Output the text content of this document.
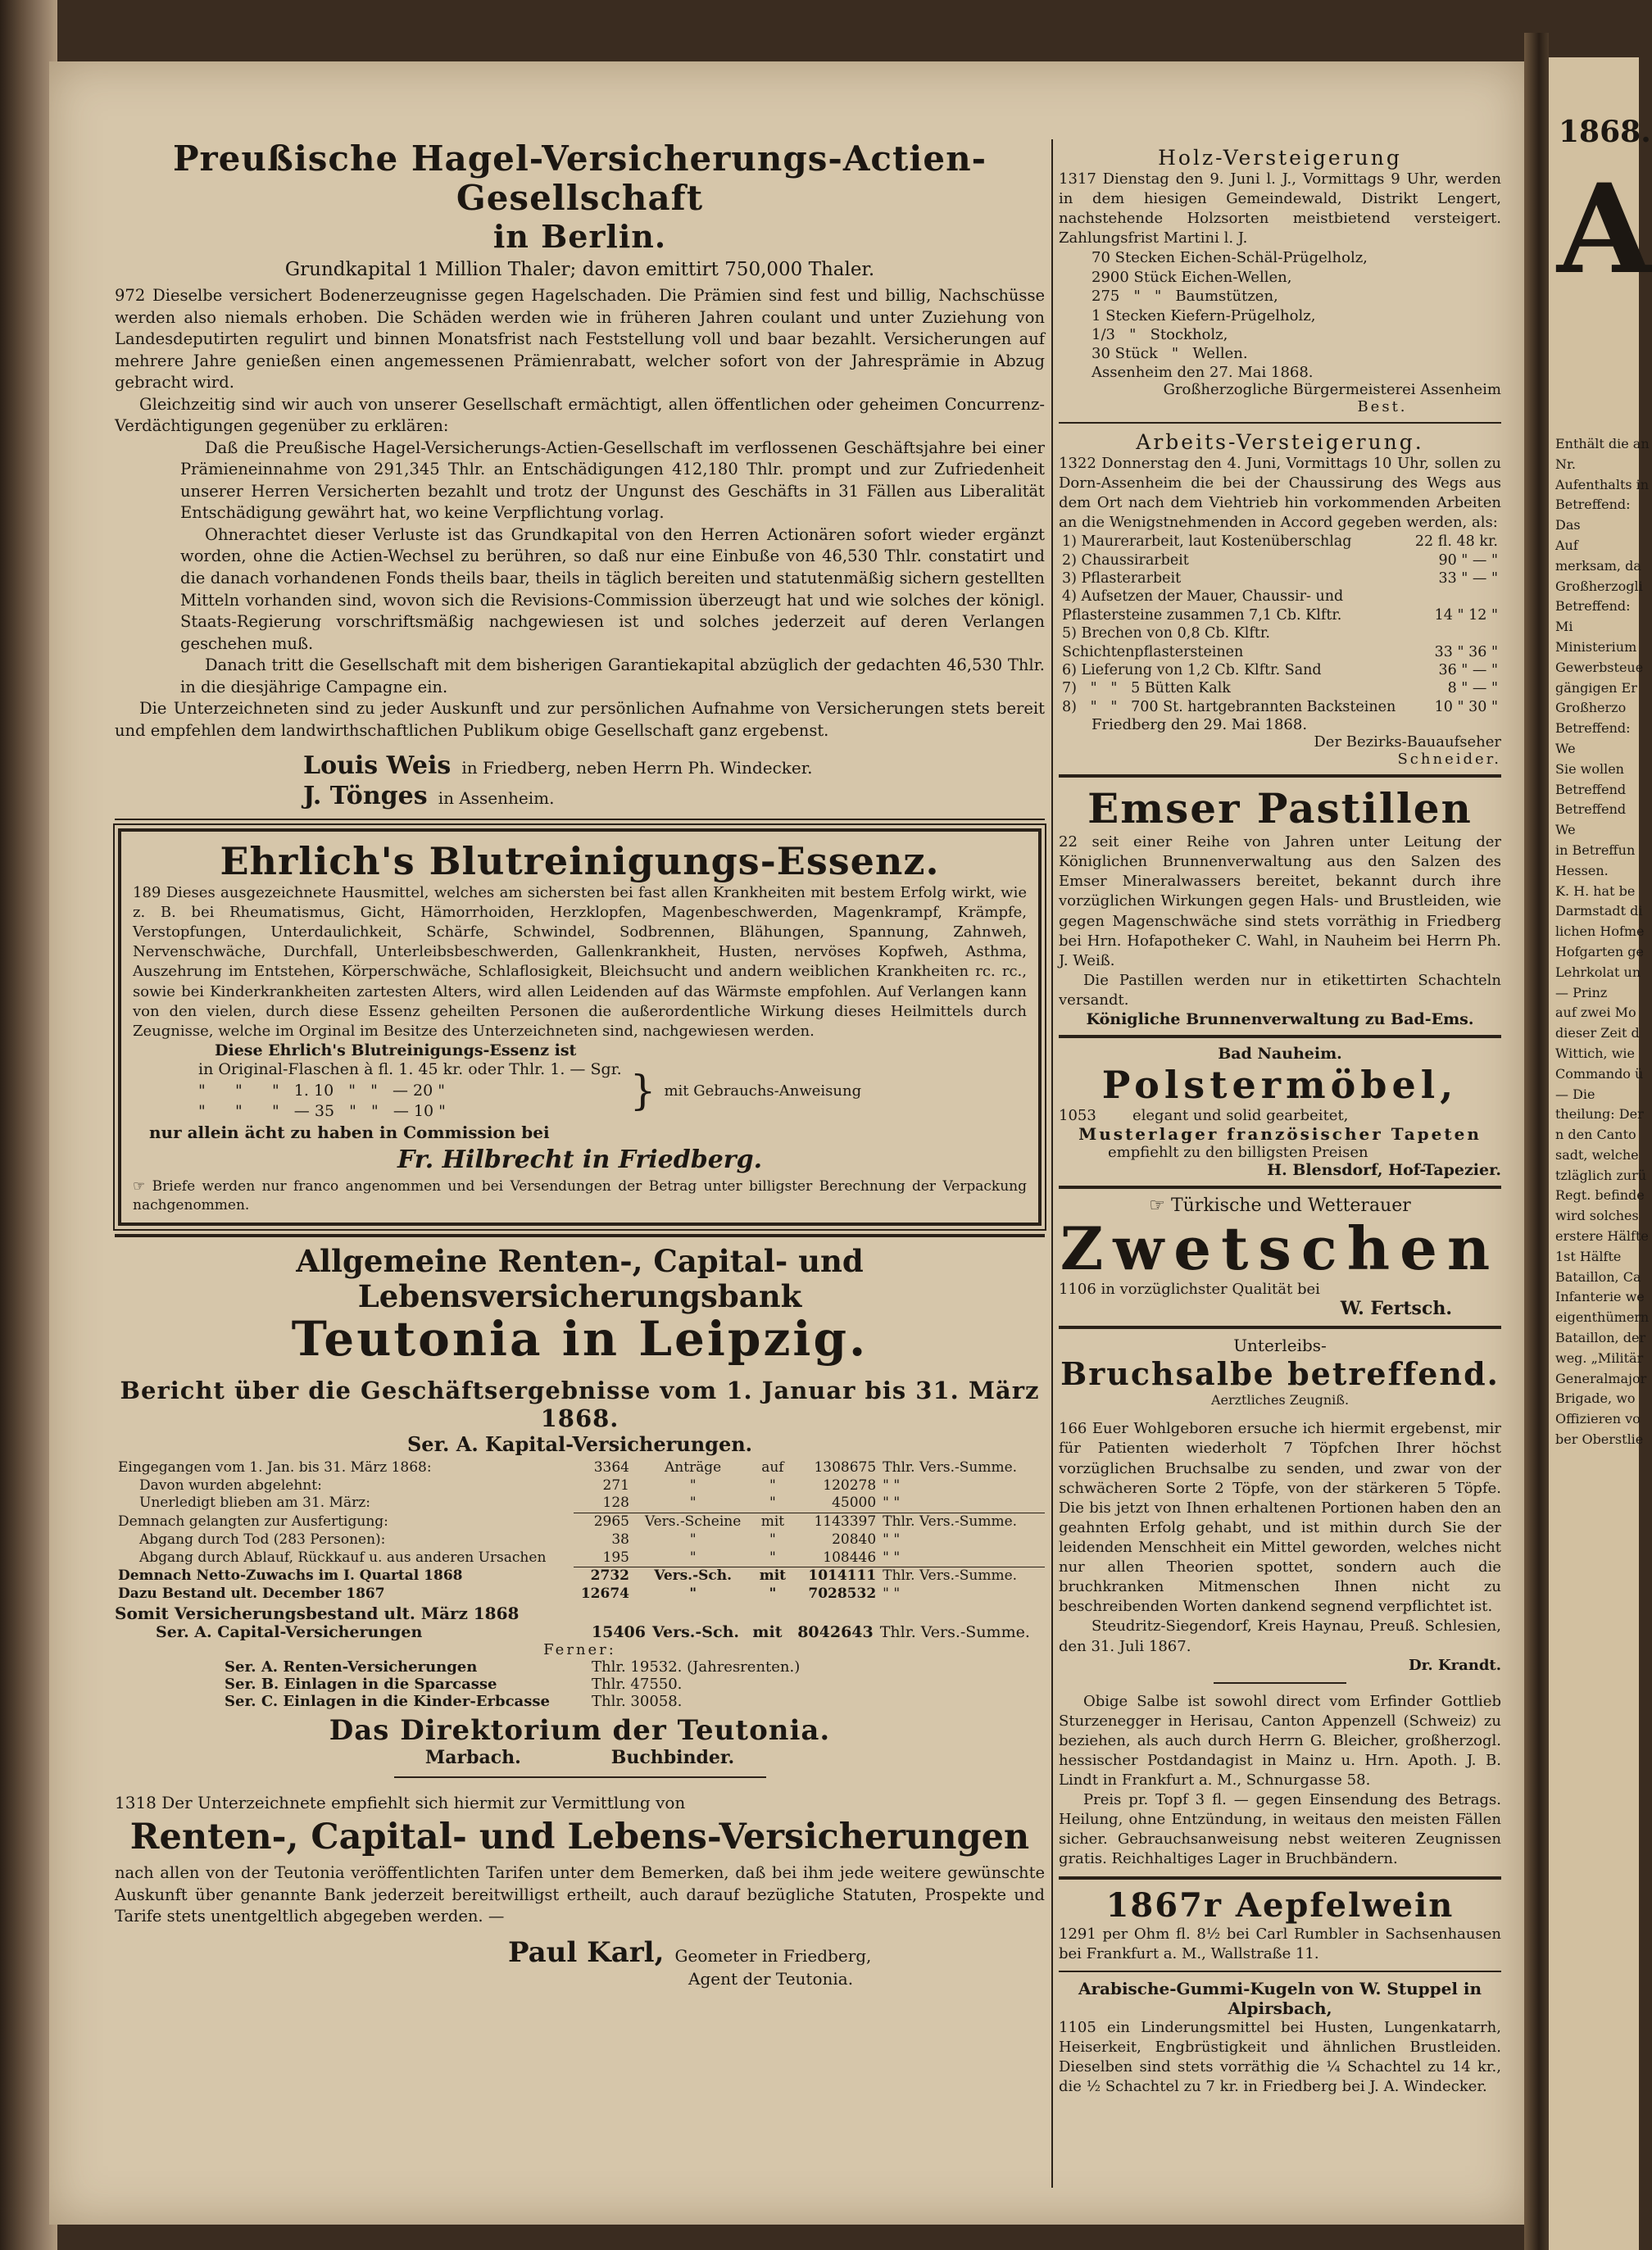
1868.
A
Enthält die an
Nr.
Aufenthalts in
Betreffend:
Das
Auf
merksam, da
Großherzogli
Betreffend:
Mi
Ministerium
Gewerbsteue
gängigen Er
Großherzo
Betreffend:
We
Sie wollen
Betreffend
Betreffend
We
in Betreffun
Hessen.
K. H. hat be
Darmstadt di
lichen Hofme
Hofgarten ge
Lehrkolat un
— Prinz
auf zwei Mo
dieser Zeit d
Wittich, wie
Commando ü
— Die
theilung: Der
n den Canto
sadt, welche
tzläglich zurü
Regt. befinde
wird solches
erstere Hälfte
1st Hälfte
Bataillon, Ca
Infanterie we
eigenthümern
Bataillon, der
weg. „Militär
Generalmajor
Brigade, wo
Offizieren vo
ber Oberstlie
Preußische Hagel-Versicherungs-Actien-Gesellschaft
in Berlin.
Grundkapital 1 Million Thaler; davon emittirt 750,000 Thaler.
972 Dieselbe versichert Bodenerzeugnisse gegen Hagelschaden. Die Prämien sind fest und billig, Nachschüsse werden also niemals erhoben. Die Schäden werden wie in früheren Jahren coulant und unter Zuziehung von Landesdeputirten regulirt und binnen Monatsfrist nach Feststellung voll und baar bezahlt. Versicherungen auf mehrere Jahre genießen einen angemessenen Prämienrabatt, welcher sofort von der Jahresprämie in Abzug gebracht wird.
Gleichzeitig sind wir auch von unserer Gesellschaft ermächtigt, allen öffentlichen oder geheimen Concurrenz-Verdächtigungen gegenüber zu erklären:
Daß die Preußische Hagel-Versicherungs-Actien-Gesellschaft im verflossenen Geschäftsjahre bei einer Prämieneinnahme von 291,345 Thlr. an Entschädigungen 412,180 Thlr. prompt und zur Zufriedenheit unserer Herren Versicherten bezahlt und trotz der Ungunst des Geschäfts in 31 Fällen aus Liberalität Entschädigung gewährt hat, wo keine Verpflichtung vorlag.
Ohnerachtet dieser Verluste ist das Grundkapital von den Herren Actionären sofort wieder ergänzt worden, ohne die Actien-Wechsel zu berühren, so daß nur eine Einbuße von 46,530 Thlr. constatirt und die danach vorhandenen Fonds theils baar, theils in täglich bereiten und statutenmäßig sichern gestellten Mitteln vorhanden sind, wovon sich die Revisions-Commission überzeugt hat und wie solches der königl. Staats-Regierung vorschriftsmäßig nachgewiesen ist und solches jederzeit auf deren Verlangen geschehen muß.
Danach tritt die Gesellschaft mit dem bisherigen Garantiekapital abzüglich der gedachten 46,530 Thlr. in die diesjährige Campagne ein.
Die Unterzeichneten sind zu jeder Auskunft und zur persönlichen Aufnahme von Versicherungen stets bereit und empfehlen dem landwirthschaftlichen Publikum obige Gesellschaft ganz ergebenst.
Louis Weis in Friedberg, neben Herrn Ph. Windecker.
J. Tönges in Assenheim.
Ehrlich's Blutreinigungs-Essenz.
189 Dieses ausgezeichnete Hausmittel, welches am sichersten bei fast allen Krankheiten mit bestem Erfolg wirkt, wie z. B. bei Rheumatismus, Gicht, Hämorrhoiden, Herzklopfen, Magenbeschwerden, Magenkrampf, Krämpfe, Verstopfungen, Unterdaulichkeit, Schärfe, Schwindel, Sodbrennen, Blähungen, Spannung, Zahnweh, Nervenschwäche, Durchfall, Unterleibsbeschwerden, Gallenkrankheit, Husten, nervöses Kopfweh, Asthma, Auszehrung im Entstehen, Körperschwäche, Schlaflosigkeit, Bleichsucht und andern weiblichen Krankheiten rc. rc., sowie bei Kinderkrankheiten zartesten Alters, wird allen Leidenden auf das Wärmste empfohlen. Auf Verlangen kann von den vielen, durch diese Essenz geheilten Personen die außerordentliche Wirkung dieses Heilmittels durch Zeugnisse, welche im Orginal im Besitze des Unterzeichneten sind, nachgewiesen werden.
Diese Ehrlich's Blutreinigungs-Essenz ist
in Original-Flaschen à fl. 1. 45 kr. oder Thlr. 1. — Sgr.
"      "      "   1. 10   "   "   — 20 "
"      "      "   — 35   "   "   — 10 "	} mit Gebrauchs-Anweisung
nur allein ächt zu haben in Commission bei
Fr. Hilbrecht in Friedberg.
☞ Briefe werden nur franco angenommen und bei Versendungen der Betrag unter billigster Berechnung der Verpackung nachgenommen.
Allgemeine Renten-, Capital- und Lebensversicherungsbank
Teutonia in Leipzig.
Bericht über die Geschäftsergebnisse vom 1. Januar bis 31. März 1868.
Ser. A. Kapital-Versicherungen.
Eingegangen vom 1. Jan. bis 31. März 1868:	3364	Anträge	auf	1308675	Thlr. Vers.-Summe.
Davon wurden abgelehnt:	271	"	"	120278	" "
Unerledigt blieben am 31. März:	128	"	"	45000	" "

Demnach gelangten zur Ausfertigung:	2965	Vers.-Scheine	mit	1143397	Thlr. Vers.-Summe.
Abgang durch Tod (283 Personen):	38	"	"	20840	" "
Abgang durch Ablauf, Rückkauf u. aus anderen Ursachen	195	"	"	108446	" "

Demnach Netto-Zuwachs im I. Quartal 1868	2732	Vers.-Sch.	mit	1014111	Thlr. Vers.-Summe.
Dazu Bestand ult. December 1867	12674	"	"	7028532	" "
Somit Versicherungsbestand ult. März 1868
Ser. A. Capital-Versicherungen	15406	Vers.-Sch.	mit	8042643	Thlr. Vers.-Summe.
Ferner:
Ser. A. Renten-Versicherungen	Thlr. 19532. (Jahresrenten.)
Ser. B. Einlagen in die Sparcasse	Thlr. 47550.
Ser. C. Einlagen in die Kinder-Erbcasse	Thlr. 30058.
Das Direktorium der Teutonia.
Marbach.	Buchbinder.
1318 Der Unterzeichnete empfiehlt sich hiermit zur Vermittlung von
Renten-, Capital- und Lebens-Versicherungen
nach allen von der Teutonia veröffentlichten Tarifen unter dem Bemerken, daß bei ihm jede weitere gewünschte Auskunft über genannte Bank jederzeit bereitwilligst ertheilt, auch darauf bezügliche Statuten, Prospekte und Tarife stets unentgeltlich abgegeben werden. —
Paul Karl, Geometer in Friedberg,
Agent der Teutonia.
Holz-Versteigerung
1317 Dienstag den 9. Juni l. J., Vormittags 9 Uhr, werden in dem hiesigen Gemeindewald, Distrikt Lengert, nachstehende Holzsorten meistbietend versteigert. Zahlungsfrist Martini l. J.
70 Stecken Eichen-Schäl-Prügelholz,
2900 Stück Eichen-Wellen,
275   "   "   Baumstützen,
1 Stecken Kiefern-Prügelholz,
1/3   "   Stockholz,
30 Stück   "   Wellen.
Assenheim den 27. Mai 1868.
Großherzogliche Bürgermeisterei Assenheim
Best.
Arbeits-Versteigerung.
1322 Donnerstag den 4. Juni, Vormittags 10 Uhr, sollen zu Dorn-Assenheim die bei der Chaussirung des Wegs aus dem Ort nach dem Viehtrieb hin vorkommenden Arbeiten an die Wenigstnehmenden in Accord gegeben werden, als:
1) Maurerarbeit, laut Kostenüberschlag	22 fl. 48 kr.
2) Chaussirarbeit	90 " — "
3) Pflasterarbeit	33 " — "
4) Aufsetzen der Mauer, Chaussir- und Pflastersteine zusammen 7,1 Cb. Klftr.	14 " 12 "
5) Brechen von 0,8 Cb. Klftr. Schichtenpflastersteinen	33 " 36 "
6) Lieferung von 1,2 Cb. Klftr. Sand	36 " — "
7)   "   "   5 Bütten Kalk	8 " — "
8)   "   "   700 St. hartgebrannten Backsteinen	10 " 30 "
Friedberg den 29. Mai 1868.
Der Bezirks-Bauaufseher
Schneider.
Emser Pastillen
22 seit einer Reihe von Jahren unter Leitung der Königlichen Brunnenverwaltung aus den Salzen des Emser Mineralwassers bereitet, bekannt durch ihre vorzüglichen Wirkungen gegen Hals- und Brustleiden, wie gegen Magenschwäche sind stets vorräthig in Friedberg bei Hrn. Hofapotheker C. Wahl, in Nauheim bei Herrn Ph. J. Weiß.
Die Pastillen werden nur in etikettirten Schachteln versandt.
Königliche Brunnenverwaltung zu Bad-Ems.
Bad Nauheim.
Polstermöbel,
1053	elegant und solid gearbeitet,
Musterlager französischer Tapeten
empfiehlt zu den billigsten Preisen
H. Blensdorf, Hof-Tapezier.
☞ Türkische und Wetterauer
Zwetschen
1106 in vorzüglichster Qualität bei
W. Fertsch.
Unterleibs-
Bruchsalbe betreffend.
Aerztliches Zeugniß.
166 Euer Wohlgeboren ersuche ich hiermit ergebenst, mir für Patienten wiederholt 7 Töpfchen Ihrer höchst vorzüglichen Bruchsalbe zu senden, und zwar von der schwächeren Sorte 2 Töpfe, von der stärkeren 5 Töpfe. Die bis jetzt von Ihnen erhaltenen Portionen haben den an geahnten Erfolg gehabt, und ist mithin durch Sie der leidenden Menschheit ein Mittel geworden, welches nicht nur allen Theorien spottet, sondern auch die bruchkranken Mitmenschen Ihnen nicht zu beschreibenden Worten dankend segnend verpflichtet ist.
Steudritz-Siegendorf, Kreis Haynau, Preuß. Schlesien, den 31. Juli 1867.
Dr. Krandt.
Obige Salbe ist sowohl direct vom Erfinder Gottlieb Sturzenegger in Herisau, Canton Appenzell (Schweiz) zu beziehen, als auch durch Herrn G. Bleicher, großherzogl. hessischer Postdandagist in Mainz u. Hrn. Apoth. J. B. Lindt in Frankfurt a. M., Schnurgasse 58.
Preis pr. Topf 3 fl. — gegen Einsendung des Betrags. Heilung, ohne Entzündung, in weitaus den meisten Fällen sicher. Gebrauchsanweisung nebst weiteren Zeugnissen gratis. Reichhaltiges Lager in Bruchbändern.
1867r Aepfelwein
1291 per Ohm fl. 8½ bei Carl Rumbler in Sachsenhausen bei Frankfurt a. M., Wallstraße 11.
Arabische-Gummi-Kugeln von W. Stuppel in Alpirsbach,
1105 ein Linderungsmittel bei Husten, Lungenkatarrh, Heiserkeit, Engbrüstigkeit und ähnlichen Brustleiden. Dieselben sind stets vorräthig die ¼ Schachtel zu 14 kr., die ½ Schachtel zu 7 kr. in Friedberg bei J. A. Windecker.
